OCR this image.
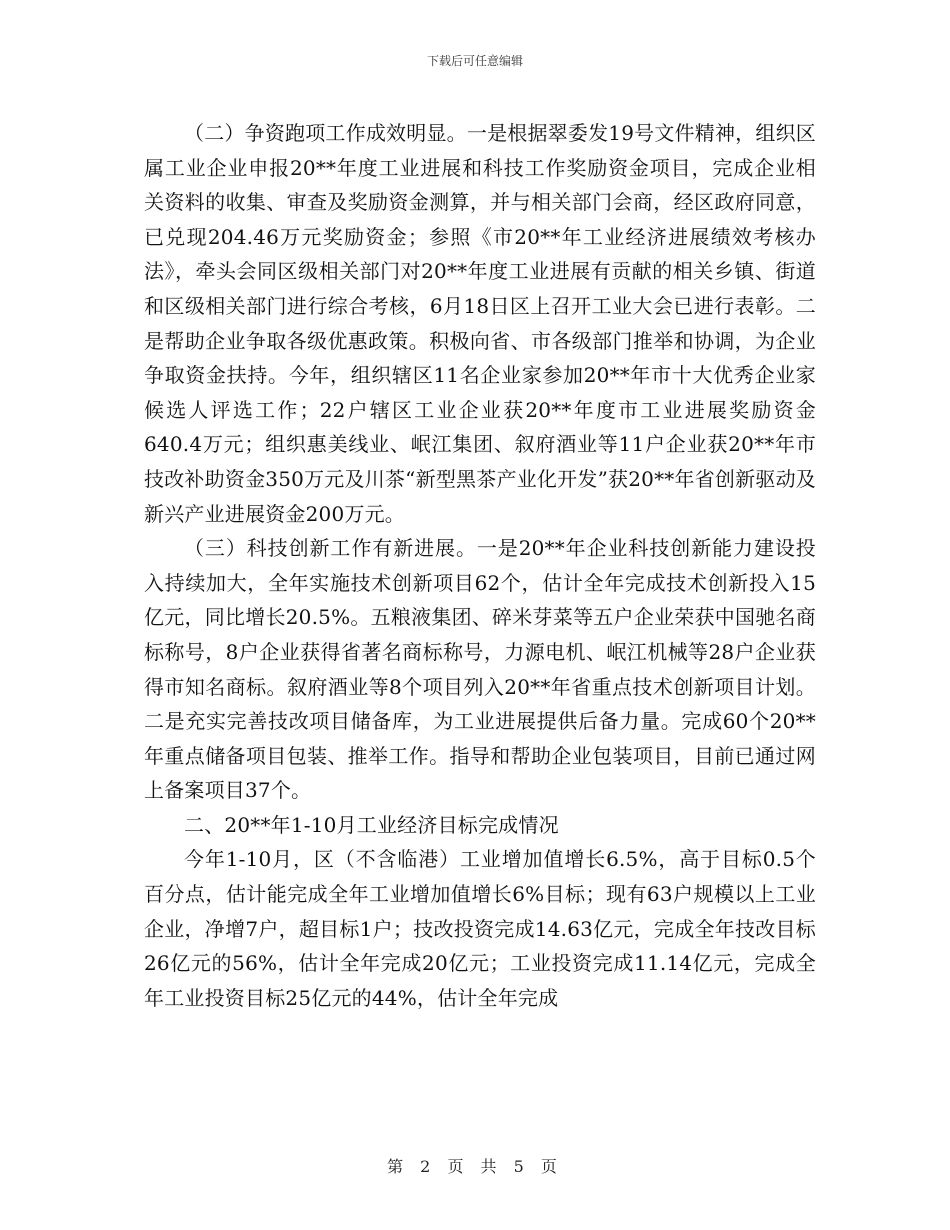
下载后可任意编辑

（二）争资跑项工作成效明显。一是根据翠委发19号文件精神，组织区属工业企业申报20**年度工业进展和科技工作奖励资金项目，完成企业相关资料的收集、审查及奖励资金测算，并与相关部门会商，经区政府同意，已兑现204.46万元奖励资金；参照《市20**年工业经济进展绩效考核办法》，牵头会同区级相关部门对20**年度工业进展有贡献的相关乡镇、街道和区级相关部门进行综合考核，6月18日区上召开工业大会已进行表彰。二是帮助企业争取各级优惠政策。积极向省、市各级部门推举和协调，为企业争取资金扶持。今年，组织辖区11名企业家参加20**年市十大优秀企业家候选人评选工作；22户辖区工业企业获20**年度市工业进展奖励资金640.4万元；组织惠美线业、岷江集团、叙府酒业等11户企业获20**年市技改补助资金350万元及川茶“新型黑茶产业化开发”获20**年省创新驱动及新兴产业进展资金200万元。

（三）科技创新工作有新进展。一是20**年企业科技创新能力建设投入持续加大，全年实施技术创新项目62个，估计全年完成技术创新投入15亿元，同比增长20.5%。五粮液集团、碎米芽菜等五户企业荣获中国驰名商标称号，8户企业获得省著名商标称号，力源电机、岷江机械等28户企业获得市知名商标。叙府酒业等8个项目列入20**年省重点技术创新项目计划。二是充实完善技改项目储备库，为工业进展提供后备力量。完成60个20**年重点储备项目包装、推举工作。指导和帮助企业包装项目，目前已通过网上备案项目37个。

二、20**年1-10月工业经济目标完成情况

今年1-10月，区（不含临港）工业增加值增长6.5%，高于目标0.5个百分点，估计能完成全年工业增加值增长6%目标；现有63户规模以上工业企业，净增7户，超目标1户；技改投资完成14.63亿元，完成全年技改目标26亿元的56%，估计全年完成20亿元；工业投资完成11.14亿元，完成全年工业投资目标25亿元的44%，估计全年完成

第 2 页 共 5 页
